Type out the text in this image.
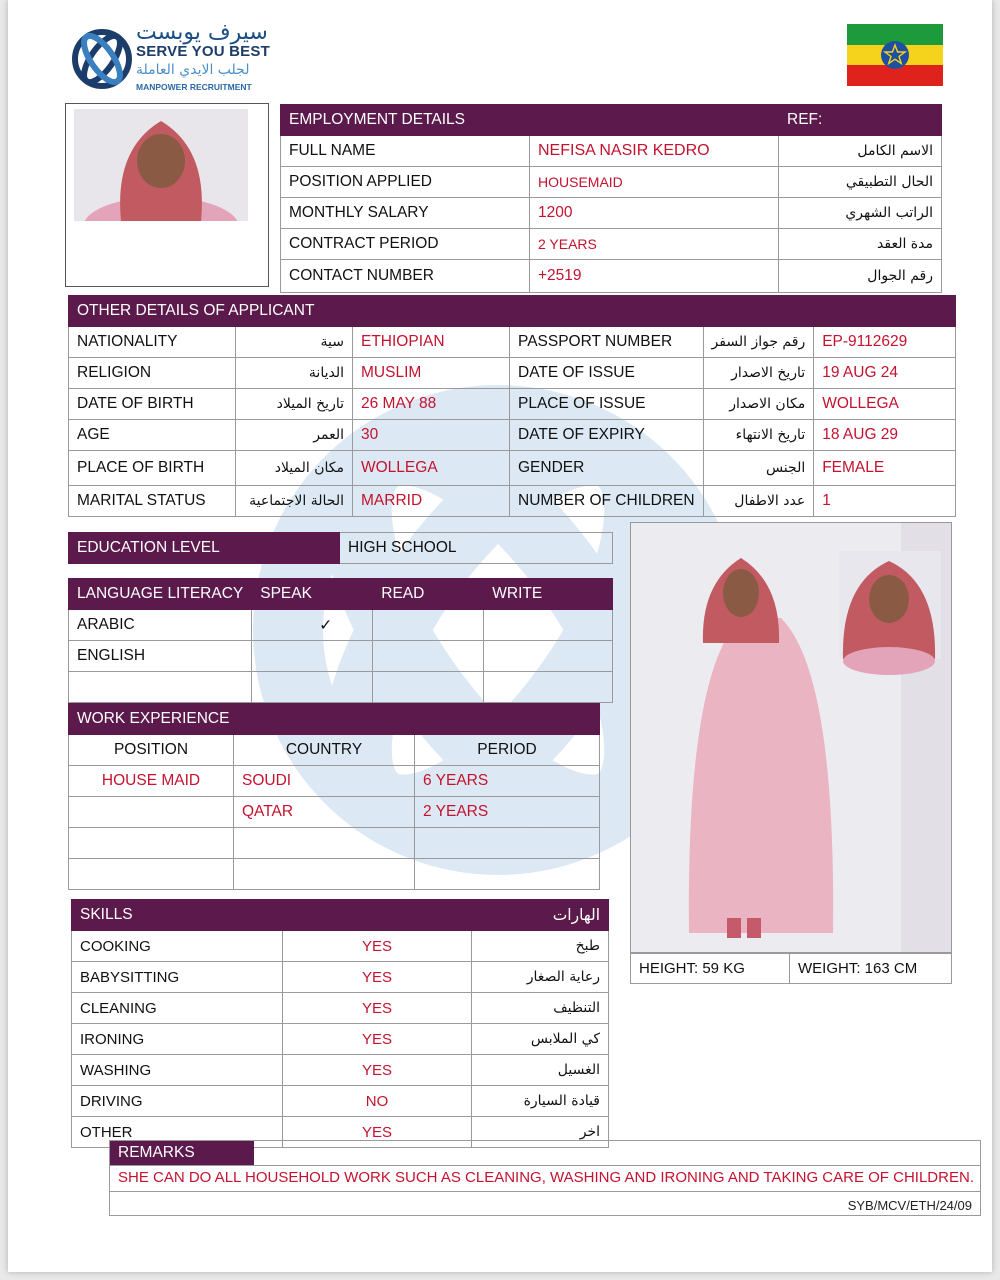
سيرف يوبست
SERVE YOU BEST
لجلب الايدي العاملة
MANPOWER RECRUITMENT
EMPLOYMENT DETAILS		REF:
FULL NAME	NEFISA NASIR KEDRO	الاسم الكامل
POSITION APPLIED	HOUSEMAID	الحال التطبيقي
MONTHLY SALARY	1200	الراتب الشهري
CONTRACT PERIOD	2 YEARS	مدة العقد
CONTACT NUMBER	+2519	رقم الجوال
OTHER DETAILS OF APPLICANT					
NATIONALITY	سية	ETHIOPIAN	PASSPORT NUMBER	رقم جواز السفر	EP-9112629
RELIGION	الديانة	MUSLIM	DATE OF ISSUE	تاريخ الاصدار	19 AUG 24
DATE OF BIRTH	تاريخ الميلاد	26 MAY 88	PLACE OF ISSUE	مكان الاصدار	WOLLEGA
AGE	العمر	30	DATE OF EXPIRY	تاريخ الانتهاء	18 AUG 29
PLACE OF BIRTH	مكان الميلاد	WOLLEGA	GENDER	الجنس	FEMALE
MARITAL STATUS	الحالة الاجتماعية	MARRID	NUMBER OF CHILDREN	عدد الاطفال	1
EDUCATION LEVEL	HIGH SCHOOL
LANGUAGE LITERACY	SPEAK	READ	WRITE
ARABIC	✓		
ENGLISH			

WORK EXPERIENCE		
POSITION	COUNTRY	PERIOD
HOUSE MAID	SOUDI	6 YEARS
	QATAR	2 YEARS

SKILLS		الهارات
COOKING	YES	طبخ
BABYSITTING	YES	رعاية الصغار
CLEANING	YES	التنظيف
IRONING	YES	كي الملابس
WASHING	YES	الغسيل
DRIVING	NO	قيادة السيارة
OTHER	YES	اخر
HEIGHT: 59 KG	WEIGHT: 163 CM
REMARKS
SHE CAN DO ALL HOUSEHOLD WORK SUCH AS CLEANING, WASHING AND IRONING AND TAKING CARE OF CHILDREN.
SYB/MCV/ETH/24/09
